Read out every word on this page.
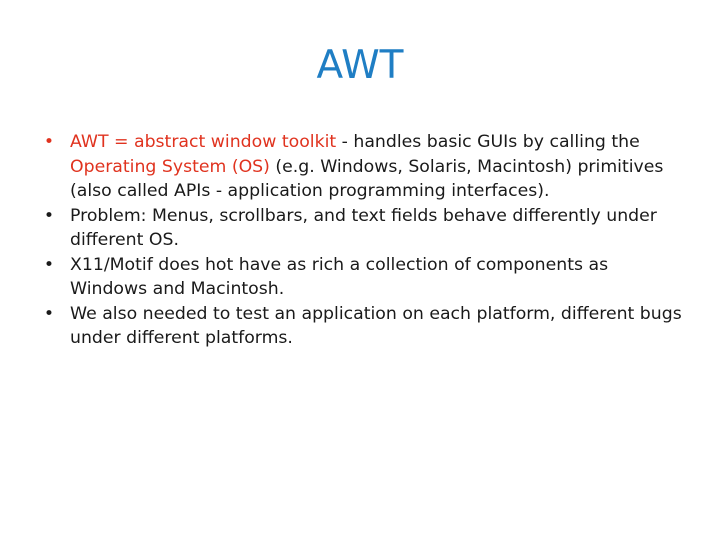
AWT
• AWT = abstract window toolkit - handles basic GUIs by calling the Operating System (OS) (e.g. Windows, Solaris, Macintosh) primitives (also called APIs - application programming interfaces).
• Problem: Menus, scrollbars, and text fields behave differently under different OS.
• X11/Motif does hot have as rich a collection of components as Windows and Macintosh.
• We also needed to test an application on each platform, different bugs under different platforms.
